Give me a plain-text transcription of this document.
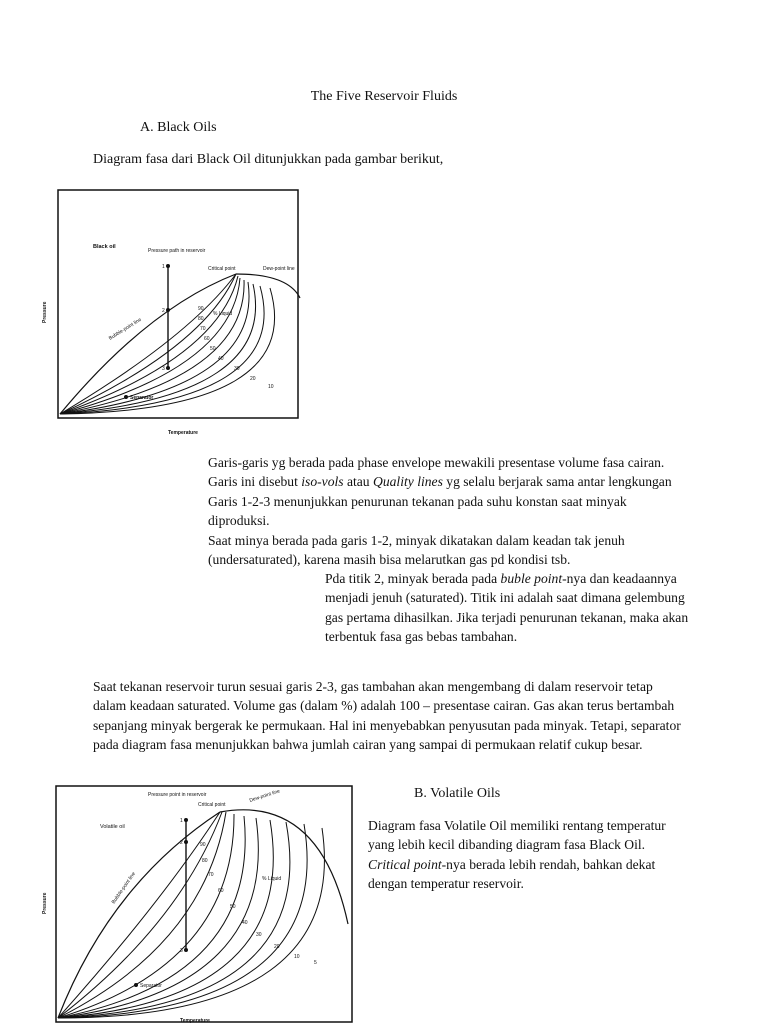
The Five Reservoir Fluids
A. Black Oils
Diagram fasa dari Black Oil ditunjukkan pada gambar berikut,
Black oil
Pressure path in reservoir
Critical point	Dew-point line
Bubble-point line
% Liquid
1
2
3
90
80
70
60
50
40
30
20
10
Separator
Temperature
Pressure
Garis-garis yg berada pada phase envelope mewakili presentase volume fasa cairan. Garis ini disebut iso-vols atau Quality lines yg selalu berjarak sama antar lengkungan Garis 1-2-3 menunjukkan penurunan tekanan pada suhu konstan saat minyak diproduksi.
Saat minya berada pada garis 1-2, minyak dikatakan dalam keadan tak jenuh (undersaturated), karena masih bisa melarutkan gas pd kondisi tsb.
Pda titik 2, minyak berada pada buble point-nya dan keadaannya menjadi jenuh (saturated). Titik ini adalah saat dimana gelembung gas pertama dihasilkan. Jika terjadi penurunan tekanan, maka akan terbentuk fasa gas bebas tambahan.
Saat tekanan reservoir turun sesuai garis 2-3, gas tambahan akan mengembang di dalam reservoir tetap dalam keadaan saturated. Volume gas (dalam %) adalah 100 – presentase cairan. Gas akan terus bertambah sepanjang minyak bergerak ke permukaan. Hal ini menyebabkan penyusutan pada minyak. Tetapi, separator pada diagram fasa menunjukkan bahwa jumlah cairan yang sampai di permukaan relatif cukup besar.
Volatile oil
Pressure point in reservoir
Critical point
Dew-point line
Bubble-point line	% Liquid
1
2
3
90
80
70
60
50
40
30
20
10
5
Separator
Temperature
Pressure
B. Volatile Oils
Diagram fasa Volatile Oil memiliki rentang temperatur yang lebih kecil dibanding diagram fasa Black Oil. Critical point-nya berada lebih rendah, bahkan dekat dengan temperatur reservoir.
